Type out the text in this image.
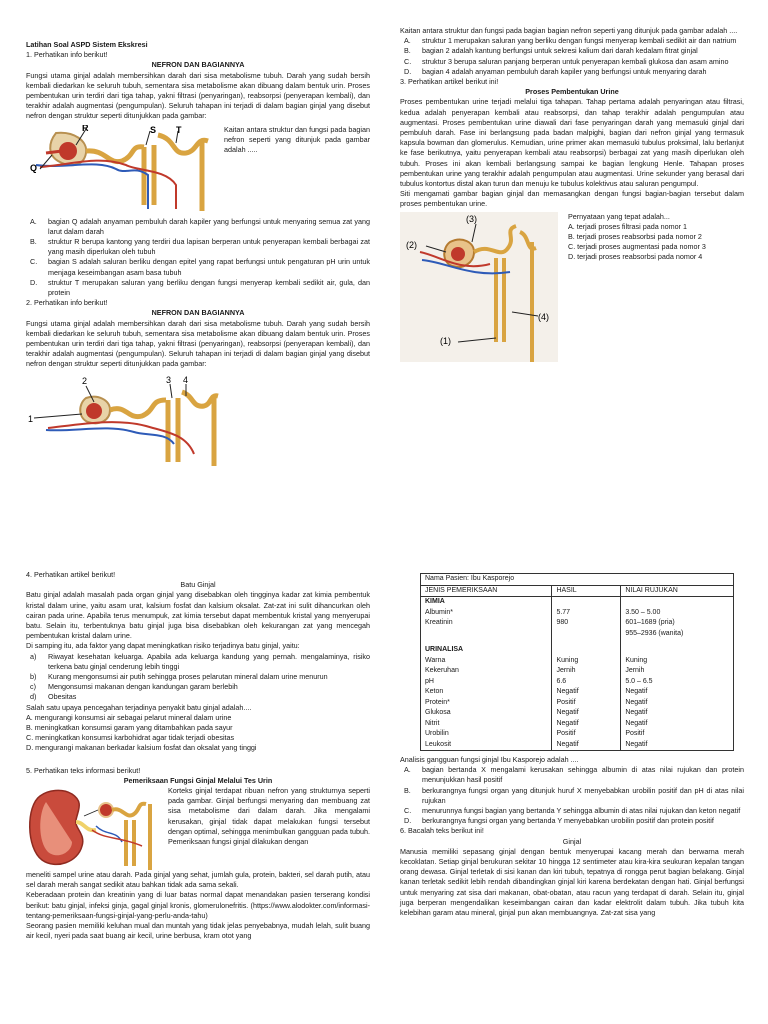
Latihan Soal ASPD Sistem Ekskresi
1. Perhatikan info berikut!
NEFRON DAN BAGIANNYA
Fungsi utama ginjal adalah membersihkan darah dari sisa metabolisme tubuh. Darah yang sudah bersih kembali diedarkan ke seluruh tubuh, sementara sisa metabolisme akan dibuang dalam bentuk urin. Proses pembentukan urin terdiri dari tiga tahap, yakni filtrasi (penyaringan), reabsorpsi (penyerapan kembali), dan terakhir adalah augmentasi (pengumpulan). Seluruh tahapan ini terjadi di dalam bagian ginjal yang disebut nefron dengan struktur seperti ditunjukkan pada gambar:
R	S T
Q
Kaitan antara struktur dan fungsi pada bagian nefron seperti yang ditunjuk pada gambar adalah .....
A.	bagian Q adalah anyaman pembuluh darah kapiler yang berfungsi untuk menyaring semua zat yang larut dalam darah
B.	struktur R berupa kantong yang terdiri dua lapisan berperan untuk penyerapan kembali berbagai zat yang masih diperlukan oleh tubuh
C.	bagian S adalah saluran berliku dengan epitel yang rapat berfungsi untuk pengaturan pH urin untuk menjaga keseimbangan asam basa tubuh
D.	struktur T merupakan saluran yang berliku dengan fungsi menyerap kembali sedikit air, gula, dan protein
2. Perhatikan info berikut!
NEFRON DAN BAGIANNYA
Fungsi utama ginjal adalah membersihkan darah dari sisa metabolisme tubuh. Darah yang sudah bersih kembali diedarkan ke seluruh tubuh, sementara sisa metabolisme akan dibuang dalam bentuk urin. Proses pembentukan urin terdiri dari tiga tahap, yakni filtrasi (penyaringan), reabsorpsi (penyerapan kembali), dan terakhir adalah augmentasi (pengumpulan). Seluruh tahapan ini terjadi di dalam bagian ginjal yang disebut nefron dengan struktur seperti ditunjukkan pada gambar:
1
2	3 4
Kaitan antara struktur dan fungsi pada bagian bagian nefron seperti yang ditunjuk pada gambar adalah ....
A.	struktur 1 merupakan saluran yang berliku dengan fungsi menyerap kembali sedikit air dan natrium
B.	bagian 2 adalah kantung berfungsi untuk sekresi kalium dari darah kedalam fitrat ginjal
C.	struktur 3 berupa saluran panjang berperan untuk penyerapan kembali glukosa dan asam amino
D.	bagian 4 adalah anyaman pembuluh darah kapiler yang berfungsi untuk menyaring darah
3. Perhatikan artikel berikut ini!
Proses Pembentukan Urine
Proses pembentukan urine terjadi melalui tiga tahapan. Tahap pertama adalah penyaringan atau filtrasi, kedua adalah penyerapan kembali atau reabsorpsi, dan tahap terakhir adalah pengumpulan atau augmentasi. Proses pembentukan urine diawali dari fase penyaringan darah yang memasuki ginjal dari pembuluh darah. Fase ini berlangsung pada badan malpighi, bagian dari nefron ginjal yang termasuk kapsula bowman dan glomerulus. Kemudian, urine primer akan memasuki tubulus proksimal, lalu berlanjut ke fase berikutnya, yaitu penyerapan kembali atau reabsorpsi) berbagai zat yang masih diperlukan oleh tubuh. Proses ini akan kembali berlangsung sampai ke bagian lengkung Henle. Tahapan proses pembentukan urine yang terakhir adalah pengumpulan atau augmentasi. Urine sekunder yang berasal dari tubulus kontortus distal akan turun dan menuju ke tubulus kolektivus atau saluran pengumpul.
Siti mengamati gambar bagian ginjal dan memasangkan dengan fungsi bagian-bagian tersebut dalam proses pembentukan urine.
(3)
(2)
(4)
(1)
Pernyataan yang tepat adalah...
A. terjadi proses filtrasi pada nomor 1
B. terjadi proses reabsorbsi pada nomor 2
C. terjadi proses augmentasi pada nomor 3
D. terjadi proses reabsorbsi pada nomor 4
4. Perhatikan artikel berikut!
Batu Ginjal
Batu ginjal adalah masalah pada organ ginjal yang disebabkan oleh tingginya kadar zat kimia pembentuk kristal dalam urine, yaitu asam urat, kalsium fosfat dan kalsium oksalat. Zat-zat ini sulit dihancurkan oleh cairan pada urine. Apabila terus menumpuk, zat kimia tersebut dapat membentuk kristal yang menyerupai batu. Selain itu, terbentuknya batu ginjal juga bisa disebabkan oleh kekurangan zat yang mencegah pembentukan kristal dalam urine.
Di samping itu, ada faktor yang dapat meningkatkan risiko terjadinya batu ginjal, yaitu:
a)	Riwayat kesehatan keluarga. Apabila ada keluarga kandung yang pernah. mengalaminya, risiko terkena batu ginjal cenderung lebih tinggi
b)	Kurang mengonsumsi air putih sehingga proses pelarutan mineral dalam urine menurun
c)	Mengonsumsi makanan dengan kandungan garam berlebih
d)	Obesitas
Salah satu upaya pencegahan terjadinya penyakit batu ginjal adalah....
A. mengurangi konsumsi air sebagai pelarut mineral dalam urine
B. meningkatkan konsumsi garam yang ditambahkan pada sayur
C. meningkatkan konsumsi karbohidrat agar tidak terjadi obesitas
D. mengurangi makanan berkadar kalsium fosfat dan oksalat yang tinggi
5. Perhatikan teks informasi berikut!
Pemeriksaan Fungsi Ginjal Melalui Tes Urin
Korteks ginjal terdapat ribuan nefron yang strukturnya seperti pada gambar. Ginjal berfungsi menyaring dan membuang zat sisa metabolisme dari dalam darah. Jika mengalami kerusakan, ginjal tidak dapat melakukan fungsi tersebut dengan optimal, sehingga menimbulkan gangguan pada tubuh. Pemeriksaan fungsi ginjal dilakukan dengan
meneliti sampel urine atau darah. Pada ginjal yang sehat, jumlah gula, protein, bakteri, sel darah putih, atau sel darah merah sangat sedikit atau bahkan tidak ada sama sekali.
Keberadaan protein dan kreatinin yang di luar batas normal dapat menandakan pasien terserang kondisi berikut: batu ginjal, infeksi ginja, gagal ginjal kronis, glomerulonefritis. (https://www.alodokter.com/informasi-tentang-pemeriksaan-fungsi-ginjal-yang-perlu-anda-tahu)
Seorang pasien memiliki keluhan mual dan muntah yang tidak jelas penyebabnya, mudah lelah, sulit buang air kecil, nyeri pada saat buang air kecil, urine berbusa, kram otot yang
Nama Pasien: Ibu Kasporejo		
JENIS PEMERIKSAAN	HASIL	NILAI RUJUKAN
KIMIA		
Albumin*	5.77	3.50 – 5.00
Kreatinin	980	601–1689 (pria)
		955–2936 (wanita)

URINALISA		
Warna	Kuning	Kuning
Kekeruhan	Jernih	Jernih
pH	6.6	5.0 – 6.5
Keton	Negatif	Negatif
Protein*	Positif	Negatif
Glukosa	Negatif	Negatif
Nitrit	Negatif	Negatif
Urobilin	Positif	Positif
Leukosit	Negatif	Negatif
Analisis gangguan fungsi ginjal Ibu Kasporejo adalah ....
A.	bagian bertanda X mengalami kerusakan sehingga albumin di atas nilai rujukan dan protein menunjukkan hasil positif
B.	berkurangnya fungsi organ yang ditunjuk huruf X menyebabkan urobilin positif dan pH di atas nilai rujukan
C.	menurunnya fungsi bagian yang bertanda Y sehingga albumin di atas nilai rujukan dan keton negatif
D.	berkurangnya fungsi organ yang bertanda Y menyebabkan urobilin positif dan protein positif
6. Bacalah teks berikut ini!
Ginjal
Manusia memiliki sepasang ginjal dengan bentuk menyerupai kacang merah dan berwarna merah kecoklatan. Setiap ginjal berukuran sekitar 10 hingga 12 sentimeter atau kira-kira seukuran kepalan tangan orang dewasa. Ginjal terletak di sisi kanan dan kiri tubuh, tepatnya di rongga perut bagian belakang. Ginjal kanan terletak sedikit lebih rendah dibandingkan ginjal kiri karena berdekatan dengan hati. Ginjal berfungsi untuk menyaring zat sisa dari makanan, obat-obatan, atau racun yang terdapat di darah. Selain itu, ginjal juga berperan mengendalikan keseimbangan cairan dan kadar elektrolit dalam tubuh. Jika tubuh kita kelebihan garam atau mineral, ginjal pun akan membuangnya. Zat-zat sisa yang
